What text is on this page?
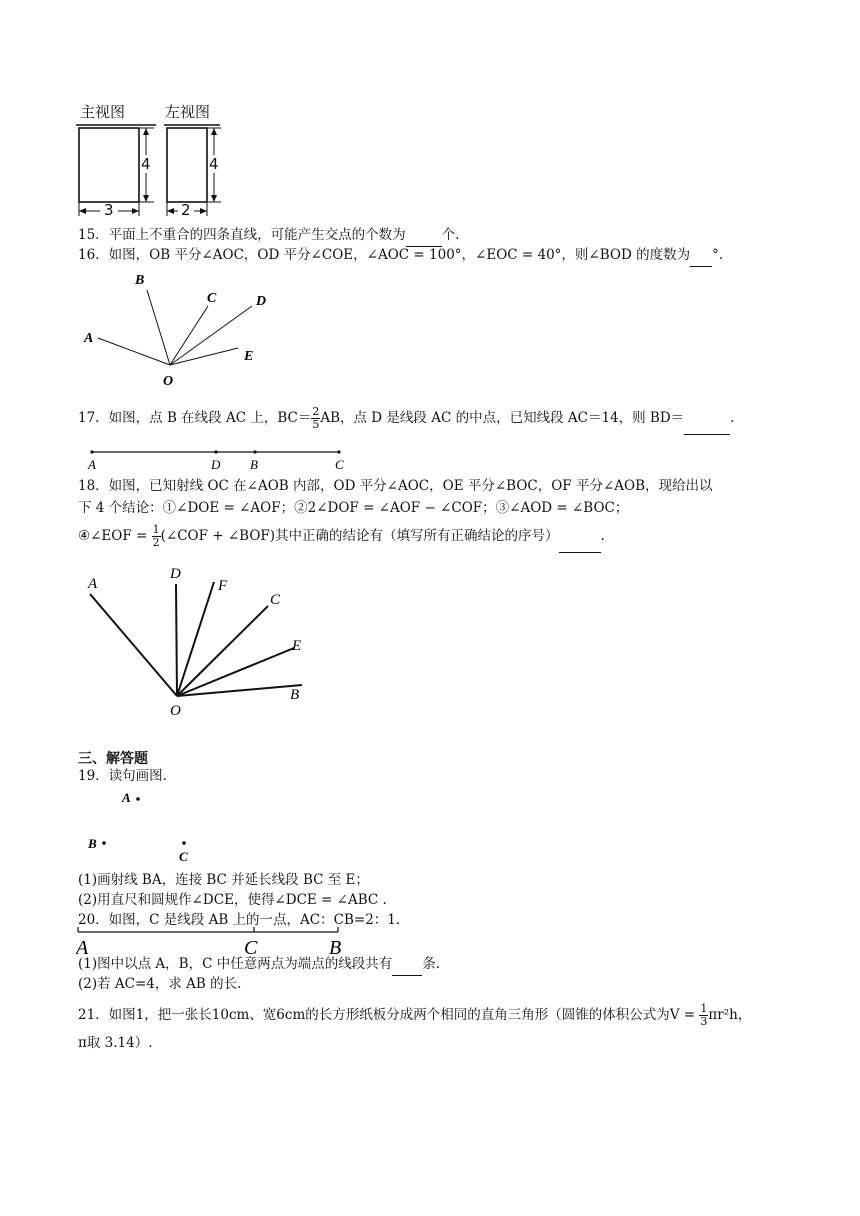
主视图	左视图
4	4
3	2
15．平面上不重合的四条直线，可能产生交点的个数为	个.
16．如图，OB 平分∠AOC，OD 平分∠COE，∠AOC = 100°，∠EOC = 40°，则∠BOD 的度数为 °.
A
B
C	D
E
O
17．如图，点 B 在线段 AC 上，$BC= \frac{2}{5}$ AB，点 D 是线段 AC 的中点，已知线段 AC＝14，则 BD＝	.
A	D B	C
18．如图，已知射线 OC 在∠AOB 内部，OD 平分∠AOC，OE 平分∠BOC，OF 平分∠AOB，现给出以
下 4 个结论：①∠DOE = ∠AOF；②2∠DOF = ∠AOF − ∠COF；③∠AOD = ∠BOC；
④∠EOF = $\frac{1}{2}$ (∠COF + ∠BOF)其中正确的结论有（填写所有正确结论的序号）	.
A
D
F
C
E
B
O
三、解答题
19．读句画图.
A
B
C
(1)画射线 BA，连接 BC 并延长线段 BC 至 E；
(2)用直尺和圆规作∠DCE，使得∠DCE = ∠ABC .
20．如图，C 是线段 AB 上的一点，AC：CB=2：1.
A	C	B
(1)图中以点 A，B，C 中任意两点为端点的线段共有 条.
(2)若 AC=4，求 AB 的长.
21．如图1，把一张长10cm、宽6cm的长方形纸板分成两个相同的直角三角形（圆锥的体积公式为$V = \frac{1}{3} \pi r^2h$，
π取 3.14）.
